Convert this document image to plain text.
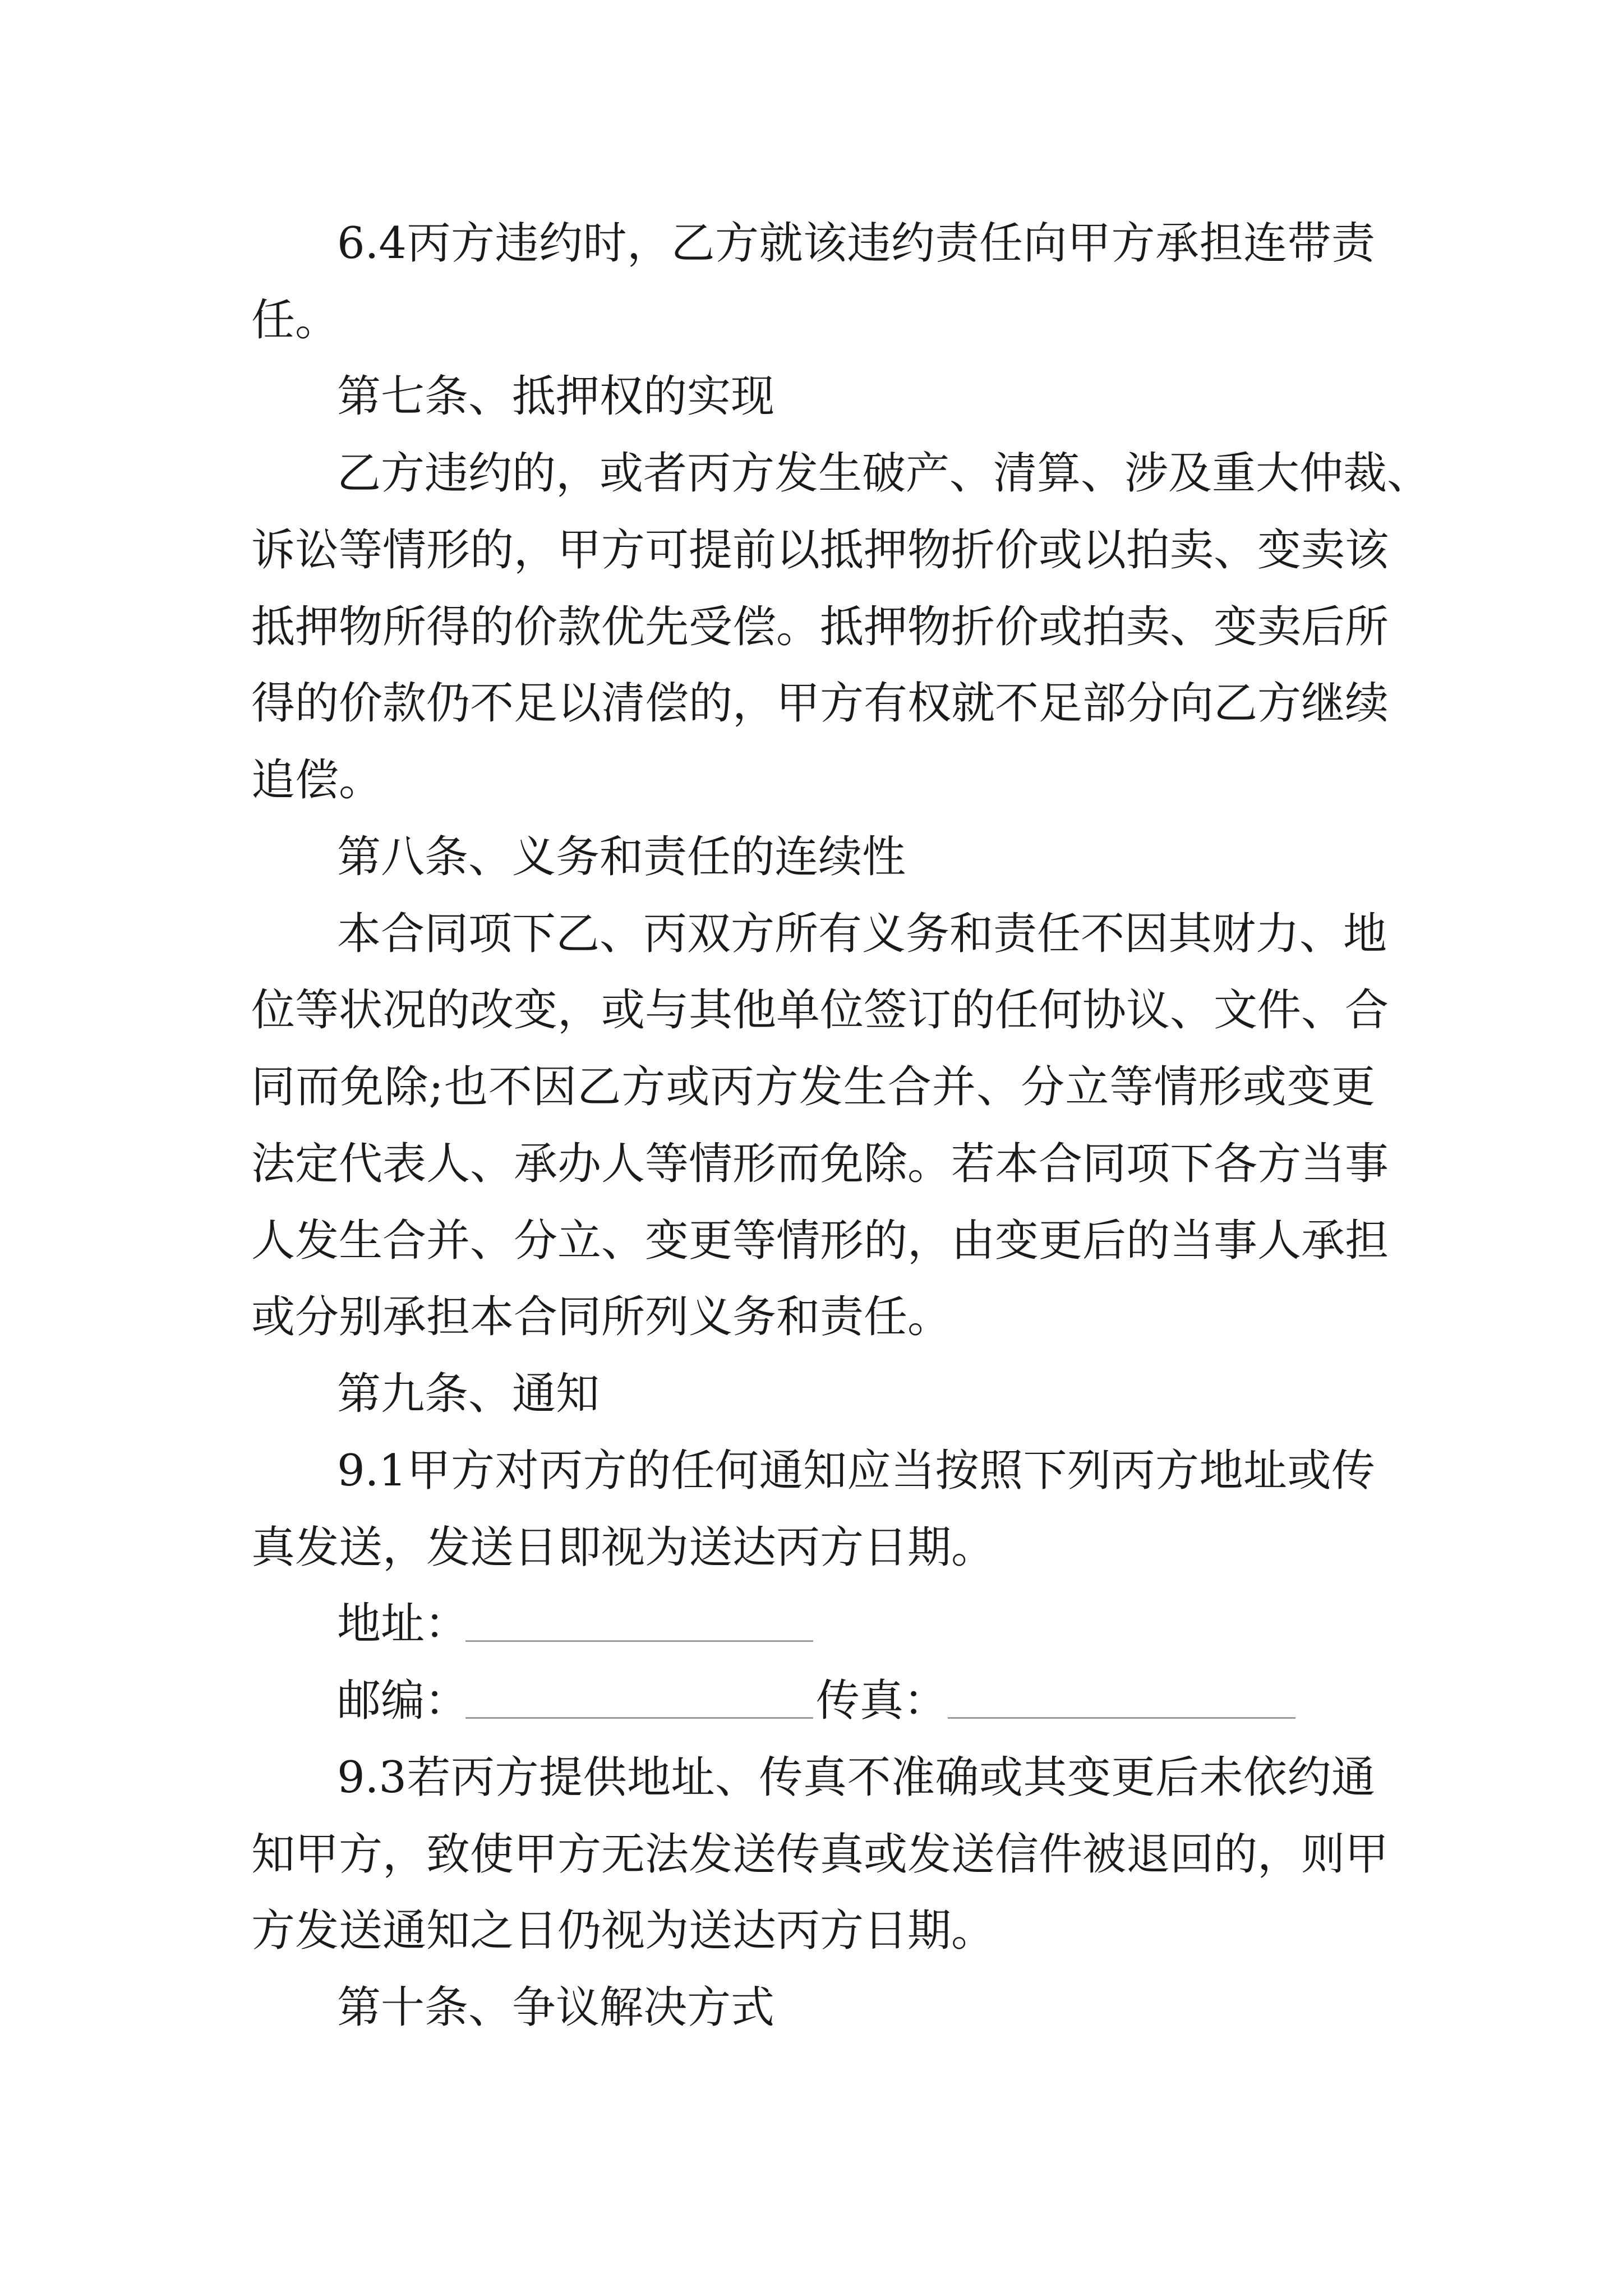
6.4丙方违约时，乙方就该违约责任向甲方承担连带责
任。
第七条、抵押权的实现
乙方违约的，或者丙方发生破产、清算、涉及重大仲裁、
诉讼等情形的，甲方可提前以抵押物折价或以拍卖、变卖该
抵押物所得的价款优先受偿。抵押物折价或拍卖、变卖后所
得的价款仍不足以清偿的，甲方有权就不足部分向乙方继续
追偿。
第八条、义务和责任的连续性
本合同项下乙、丙双方所有义务和责任不因其财力、地
位等状况的改变，或与其他单位签订的任何协议、文件、合
同而免除;也不因乙方或丙方发生合并、分立等情形或变更
法定代表人、承办人等情形而免除。若本合同项下各方当事
人发生合并、分立、变更等情形的，由变更后的当事人承担
或分别承担本合同所列义务和责任。
第九条、通知
9.1甲方对丙方的任何通知应当按照下列丙方地址或传
真发送，发送日即视为送达丙方日期。
地址：
邮编：	传真：
9.3若丙方提供地址、传真不准确或其变更后未依约通
知甲方，致使甲方无法发送传真或发送信件被退回的，则甲
方发送通知之日仍视为送达丙方日期。
第十条、争议解决方式
